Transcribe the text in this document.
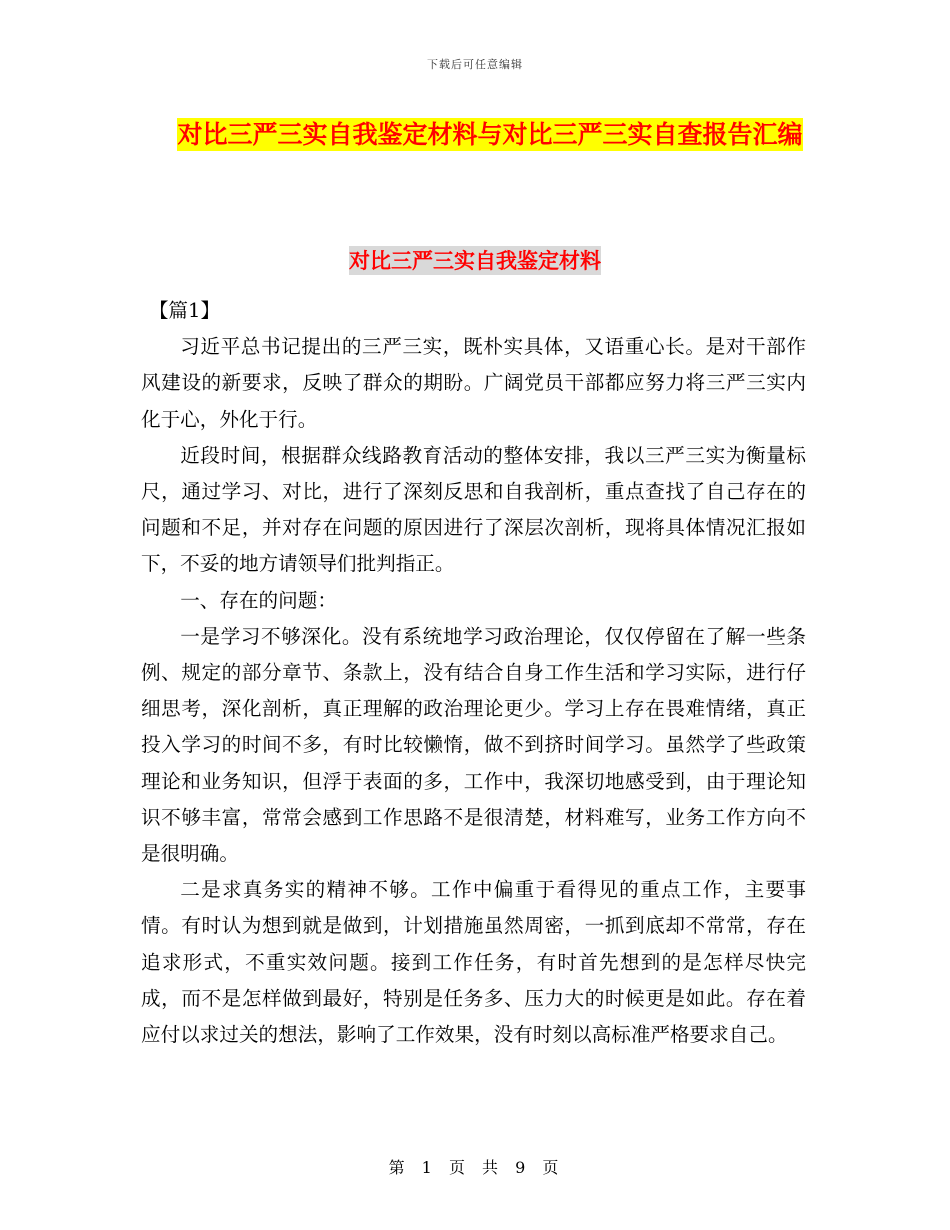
下载后可任意编辑
对比三严三实自我鉴定材料与对比三严三实自查报告汇编
对比三严三实自我鉴定材料

【篇1】

习近平总书记提出的三严三实，既朴实具体，又语重心长。是对干部作风建设的新要求，反映了群众的期盼。广阔党员干部都应努力将三严三实内化于心，外化于行。

近段时间，根据群众线路教育活动的整体安排，我以三严三实为衡量标尺，通过学习、对比，进行了深刻反思和自我剖析，重点查找了自己存在的问题和不足，并对存在问题的原因进行了深层次剖析，现将具体情况汇报如下，不妥的地方请领导们批判指正。

一、存在的问题：

一是学习不够深化。没有系统地学习政治理论，仅仅停留在了解一些条例、规定的部分章节、条款上，没有结合自身工作生活和学习实际，进行仔细思考，深化剖析，真正理解的政治理论更少。学习上存在畏难情绪，真正投入学习的时间不多，有时比较懒惰，做不到挤时间学习。虽然学了些政策理论和业务知识，但浮于表面的多，工作中，我深切地感受到，由于理论知识不够丰富，常常会感到工作思路不是很清楚，材料难写，业务工作方向不是很明确。

二是求真务实的精神不够。工作中偏重于看得见的重点工作，主要事情。有时认为想到就是做到，计划措施虽然周密，一抓到底却不常常，存在追求形式，不重实效问题。接到工作任务，有时首先想到的是怎样尽快完成，而不是怎样做到最好，特别是任务多、压力大的时候更是如此。存在着应付以求过关的想法，影响了工作效果，没有时刻以高标准严格要求自己。

第 1 页 共 9 页
